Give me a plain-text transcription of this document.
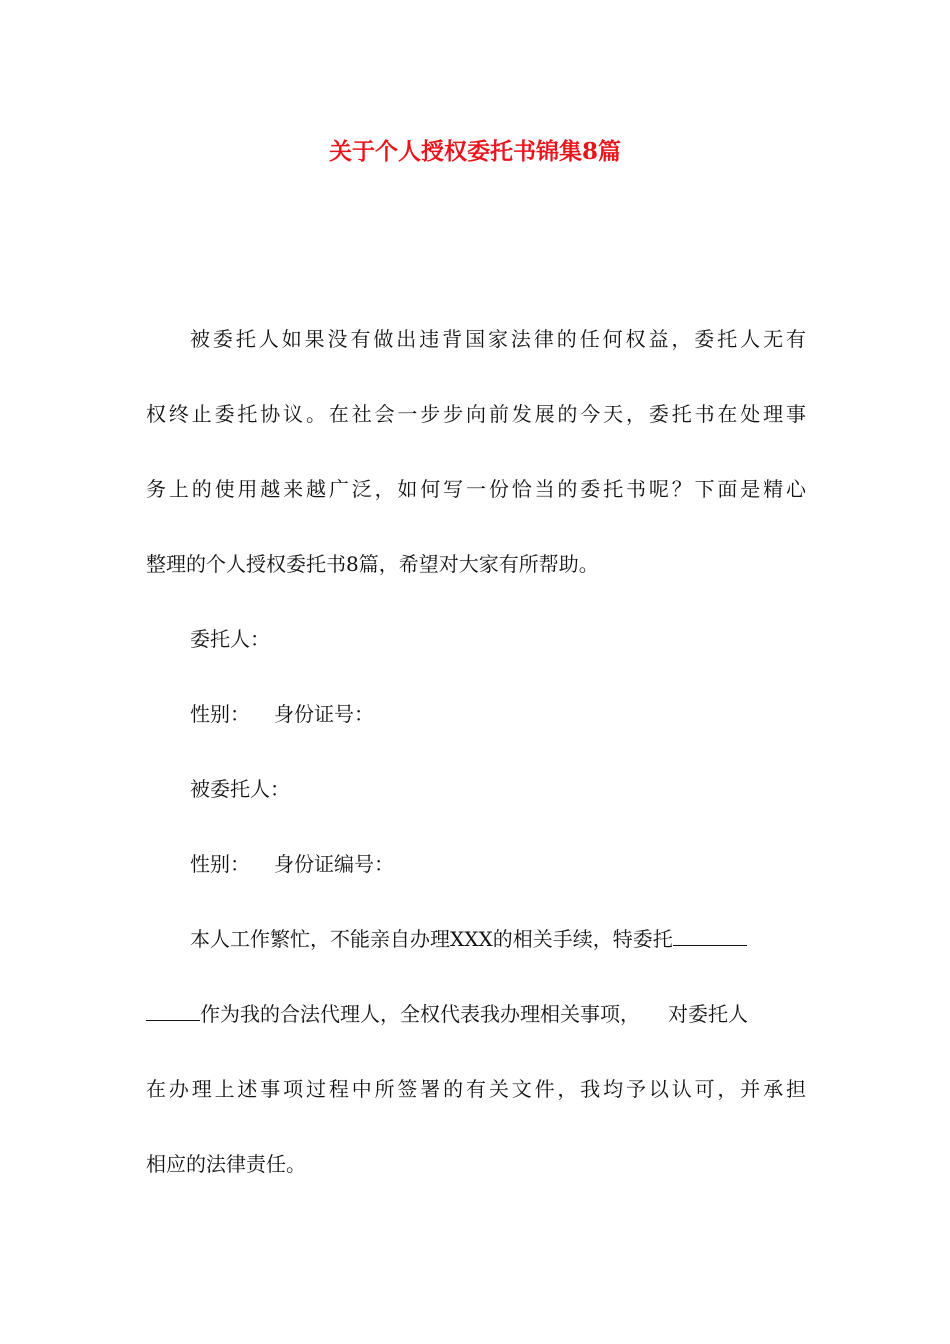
关于个人授权委托书锦集8篇

被委托人如果没有做出违背国家法律的任何权益，委托人无有

权终止委托协议。在社会一步步向前发展的今天，委托书在处理事

务上的使用越来越广泛，如何写一份恰当的委托书呢？下面是精心

整理的个人授权委托书8篇，希望对大家有所帮助。

委托人：

性别： 身份证号：

被委托人：

性别： 身份证编号：

本人工作繁忙，不能亲自办理XXX的相关手续，特委托

作为我的合法代理人，全权代表我办理相关事项， 对委托人

在办理上述事项过程中所签署的有关文件，我均予以认可，并承担

相应的法律责任。
